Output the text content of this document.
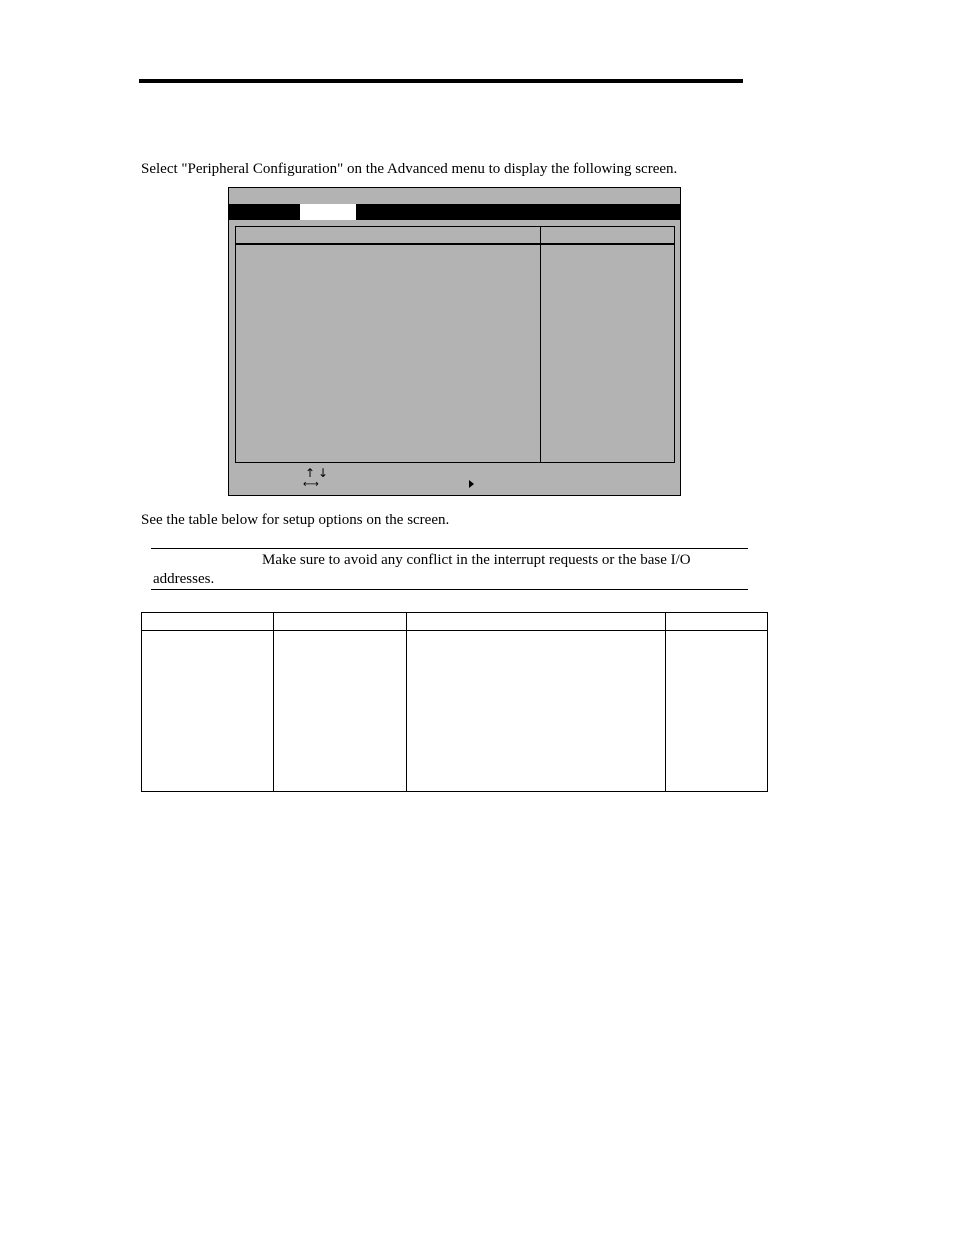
Select "Peripheral Configuration" on the Advanced menu to display the following screen.
↑↓
←→
See the table below for setup options on the screen.
Make sure to avoid any conflict in the interrupt requests or the base I/O
addresses.
